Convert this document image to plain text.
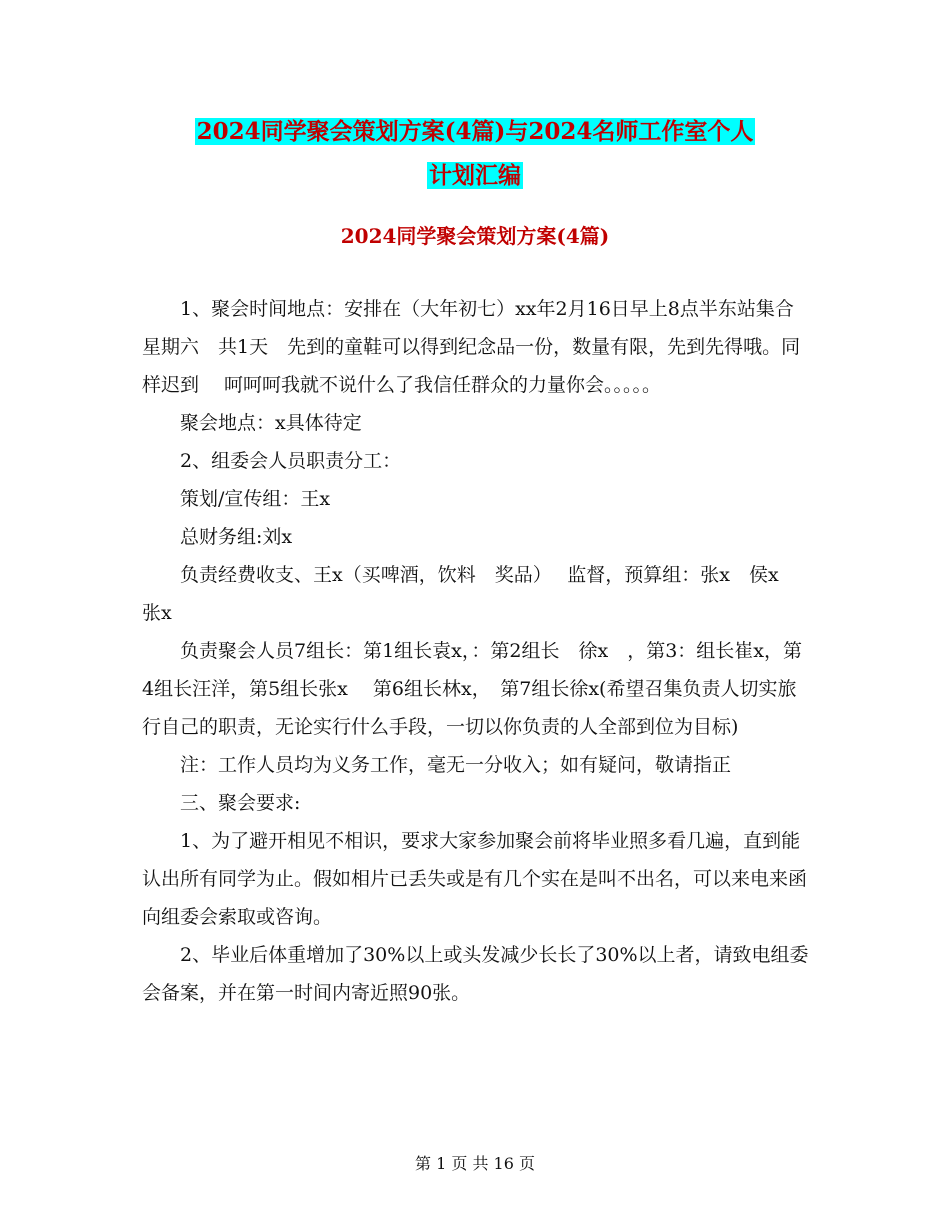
2024同学聚会策划方案(4篇)与2024名师工作室个人
计划汇编
2024同学聚会策划方案(4篇)

1、聚会时间地点：安排在（大年初七）xx年2月16日早上8点半东站集合　星期六　共1天　先到的童鞋可以得到纪念品一份，数量有限，先到先得哦。同样迟到　 呵呵呵我就不说什么了我信任群众的力量你会。。。。。

聚会地点：x具体待定

2、组委会人员职责分工：

策划/宣传组：王x

总财务组:刘x

负责经费收支、王x（买啤酒，饮料　奖品）　 监督，预算组：张x　侯x　 张x

负责聚会人员7组长：第1组长袁x，：第2组长　徐x　，第3：组长崔x，第4组长汪洋，第5组长张x　 第6组长林x，　第7组长徐x(希望召集负责人切实旅行自己的职责，无论实行什么手段，一切以你负责的人全部到位为目标)

注：工作人员均为义务工作，毫无一分收入；如有疑问，敬请指正

三、聚会要求:

1、为了避开相见不相识，要求大家参加聚会前将毕业照多看几遍，直到能认出所有同学为止。假如相片已丢失或是有几个实在是叫不出名，可以来电来函向组委会索取或咨询。

2、毕业后体重增加了30%以上或头发减少长长了30%以上者，请致电组委会备案，并在第一时间内寄近照90张。

第 1 页 共 16 页
